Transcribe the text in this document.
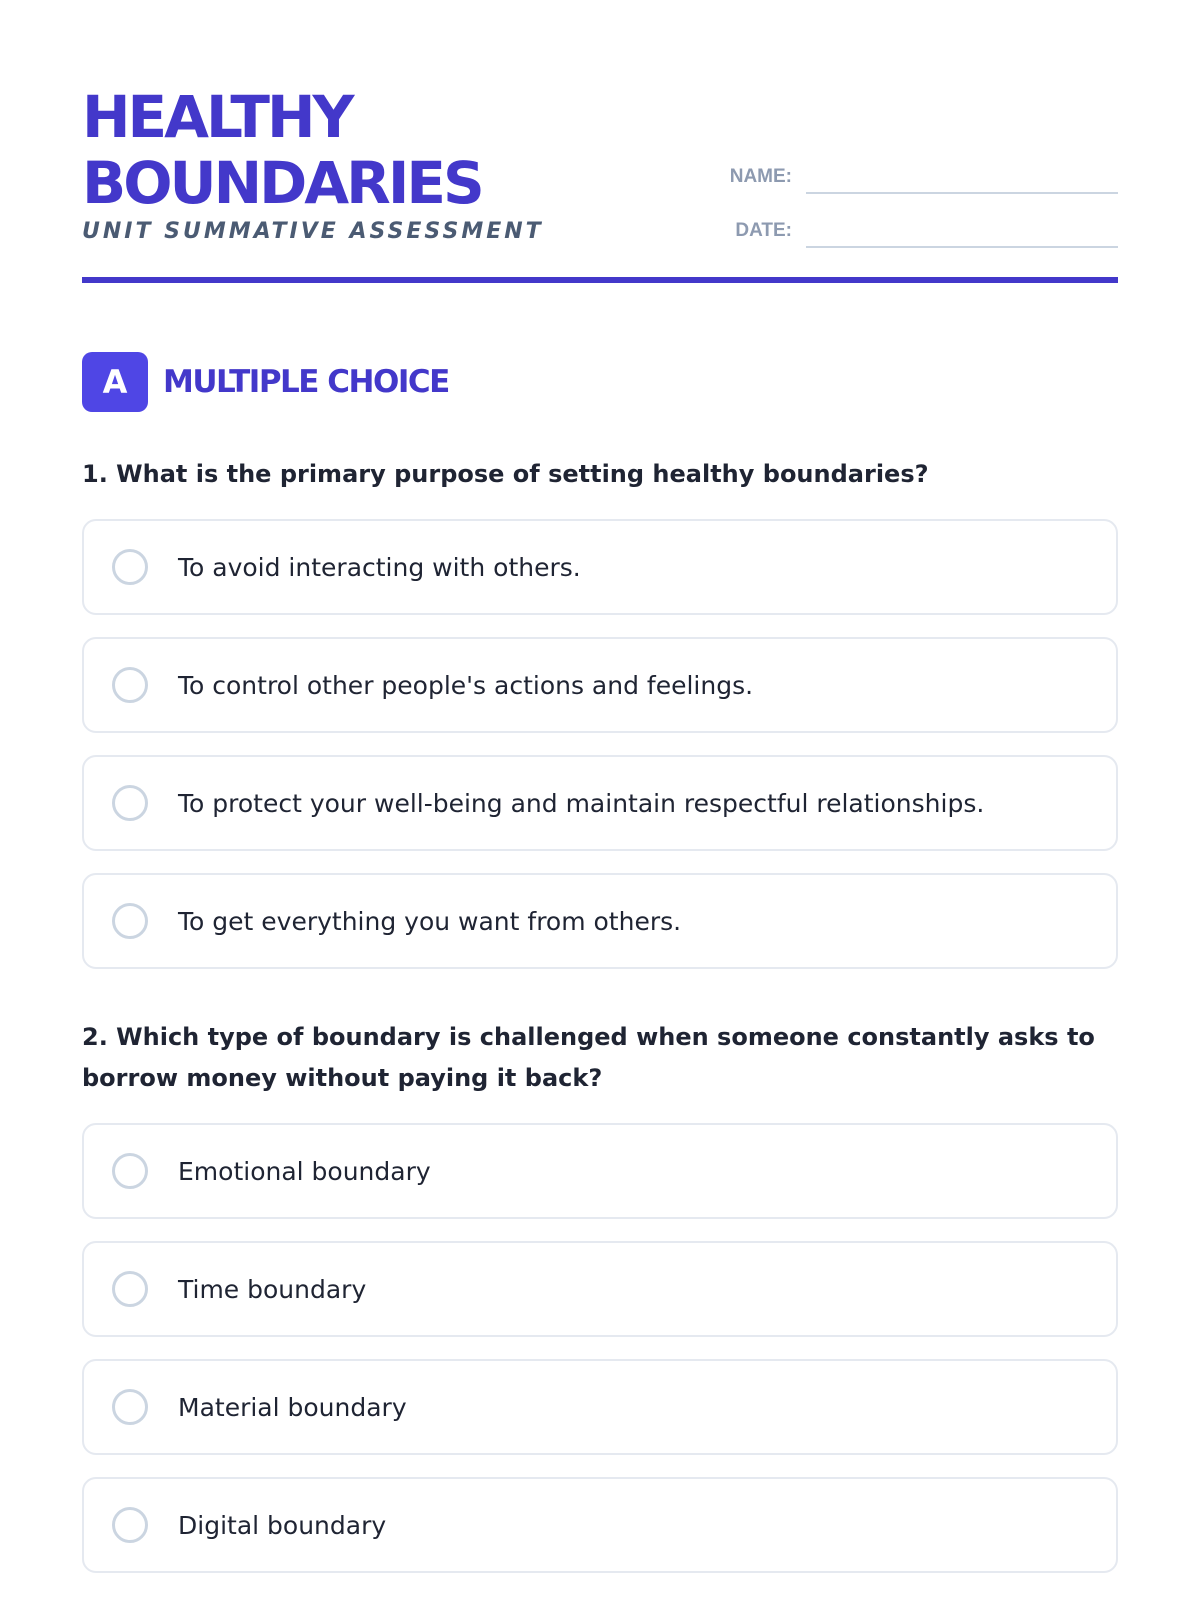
HEALTHY
BOUNDARIES
UNIT SUMMATIVE ASSESSMENT
NAME:
DATE:
A	MULTIPLE CHOICE

1. What is the primary purpose of setting healthy boundaries?

To avoid interacting with others.
To control other people's actions and feelings.
To protect your well-being and maintain respectful relationships.
To get everything you want from others.

2. Which type of boundary is challenged when someone constantly asks to borrow money without paying it back?

Emotional boundary
Time boundary
Material boundary
Digital boundary
